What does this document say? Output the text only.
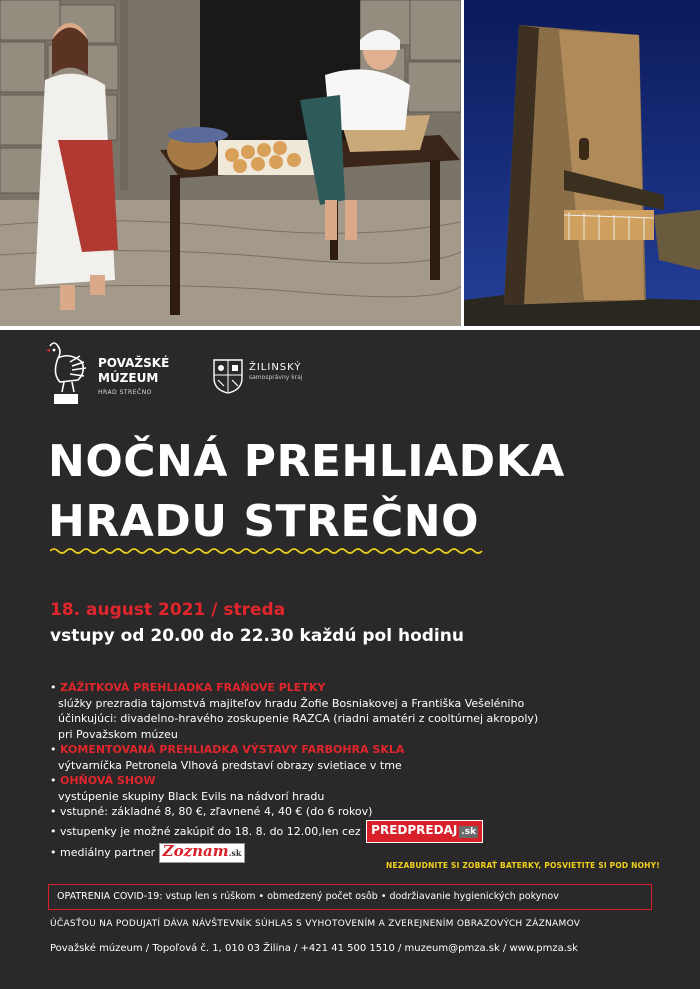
POVAŽSKÉ
MÚZEUM
HRAD STREČNO
ŽILINSKÝ
samosprávny kraj
NOČNÁ PREHLIADKA
HRADU STREČNO
18. august 2021 / streda
vstupy od 20.00 do 22.30 každú pol hodinu
• ZÁŽITKOVÁ PREHLIADKA FRAŇOVE PLETKY
slúžky prezradia tajomstvá majiteľov hradu Žofie Bosniakovej a Františka Vešeléniho
účinkujúci: divadelno-hravého zoskupenie RAZCA (riadni amatéri z cooltúrnej akropoly)
pri Považskom múzeu
• KOMENTOVANÁ PREHLIADKA VÝSTAVY FARBOHRA SKLA
výtvarníčka Petronela Vlhová predstaví obrazy svietiace v tme
• OHŇOVÁ SHOW
vystúpenie skupiny Black Evils na nádvorí hradu
• vstupné: základné 8, 80 €, zľavnené 4, 40 € (do 6 rokov)
• vstupenky je možné zakúpiť do 18. 8. do 12.00,len cez PREDPREDAJ .sk
• mediálny partner Zoznam.sk
NEZABUDNITE SI ZOBRAŤ BATERKY, POSVIETITE SI POD NOHY!
OPATRENIA COVID-19: vstup len s rúškom • obmedzený počet osôb • dodržiavanie hygienických pokynov
ÚČASŤOU NA PODUJATÍ DÁVA NÁVŠTEVNÍK SÚHLAS S VYHOTOVENÍM A ZVEREJNENÍM OBRAZOVÝCH ZÁZNAMOV
Považské múzeum / Topoľová č. 1, 010 03 Žilina / +421 41 500 1510 / muzeum@pmza.sk / www.pmza.sk
